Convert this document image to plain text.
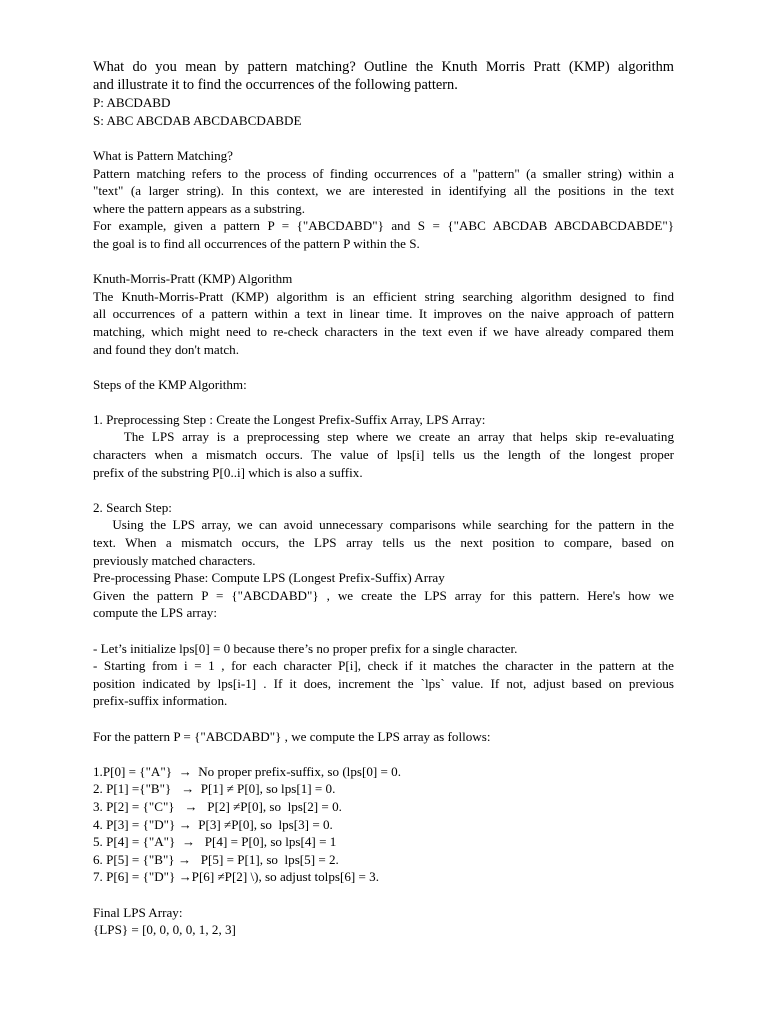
What do you mean by pattern matching? Outline the Knuth Morris Pratt (KMP) algorithm
and illustrate it to find the occurrences of the following pattern.
P: ABCDABD
S: ABC ABCDAB ABCDABCDABDE
What is Pattern Matching?
Pattern matching refers to the process of finding occurrences of a "pattern" (a smaller string) within a
"text" (a larger string). In this context, we are interested in identifying all the positions in the text
where the pattern appears as a substring.
For example, given a pattern P = {"ABCDABD"} and S = {"ABC ABCDAB ABCDABCDABDE"}
the goal is to find all occurrences of the pattern P within the S.
Knuth-Morris-Pratt (KMP) Algorithm
The Knuth-Morris-Pratt (KMP) algorithm is an efficient string searching algorithm designed to find
all occurrences of a pattern within a text in linear time. It improves on the naive approach of pattern
matching, which might need to re-check characters in the text even if we have already compared them
and found they don't match.
Steps of the KMP Algorithm:
1. Preprocessing Step : Create the Longest Prefix-Suffix Array, LPS Array:
The LPS array is a preprocessing step where we create an array that helps skip re-evaluating
characters when a mismatch occurs. The value of lps[i] tells us the length of the longest proper
prefix of the substring P[0..i] which is also a suffix.
2. Search Step:
Using the LPS array, we can avoid unnecessary comparisons while searching for the pattern in the
text. When a mismatch occurs, the LPS array tells us the next position to compare, based on
previously matched characters.
Pre-processing Phase: Compute LPS (Longest Prefix-Suffix) Array
Given the pattern P = {"ABCDABD"} , we create the LPS array for this pattern. Here's how we
compute the LPS array:
- Let’s initialize lps[0] = 0 because there’s no proper prefix for a single character.
- Starting from i = 1 , for each character P[i], check if it matches the character in the pattern at the
position indicated by lps[i-1] . If it does, increment the `lps` value. If not, adjust based on previous
prefix-suffix information.
For the pattern P = {"ABCDABD"} , we compute the LPS array as follows:
1.P[0] = {"A"}  →  No proper prefix-suffix, so (lps[0] = 0.
2. P[1] ={"B"}   →  P[1] ≠ P[0], so lps[1] = 0.
3. P[2] = {"C"}   →   P[2] ≠P[0], so  lps[2] = 0.
4. P[3] = {"D"} →  P[3] ≠P[0], so  lps[3] = 0.
5. P[4] = {"A"}  →   P[4] = P[0], so lps[4] = 1
6. P[5] = {"B"} →   P[5] = P[1], so  lps[5] = 2.
7. P[6] = {"D"} →P[6] ≠P[2] \), so adjust tolps[6] = 3.
Final LPS Array:
{LPS} = [0, 0, 0, 0, 1, 2, 3]
